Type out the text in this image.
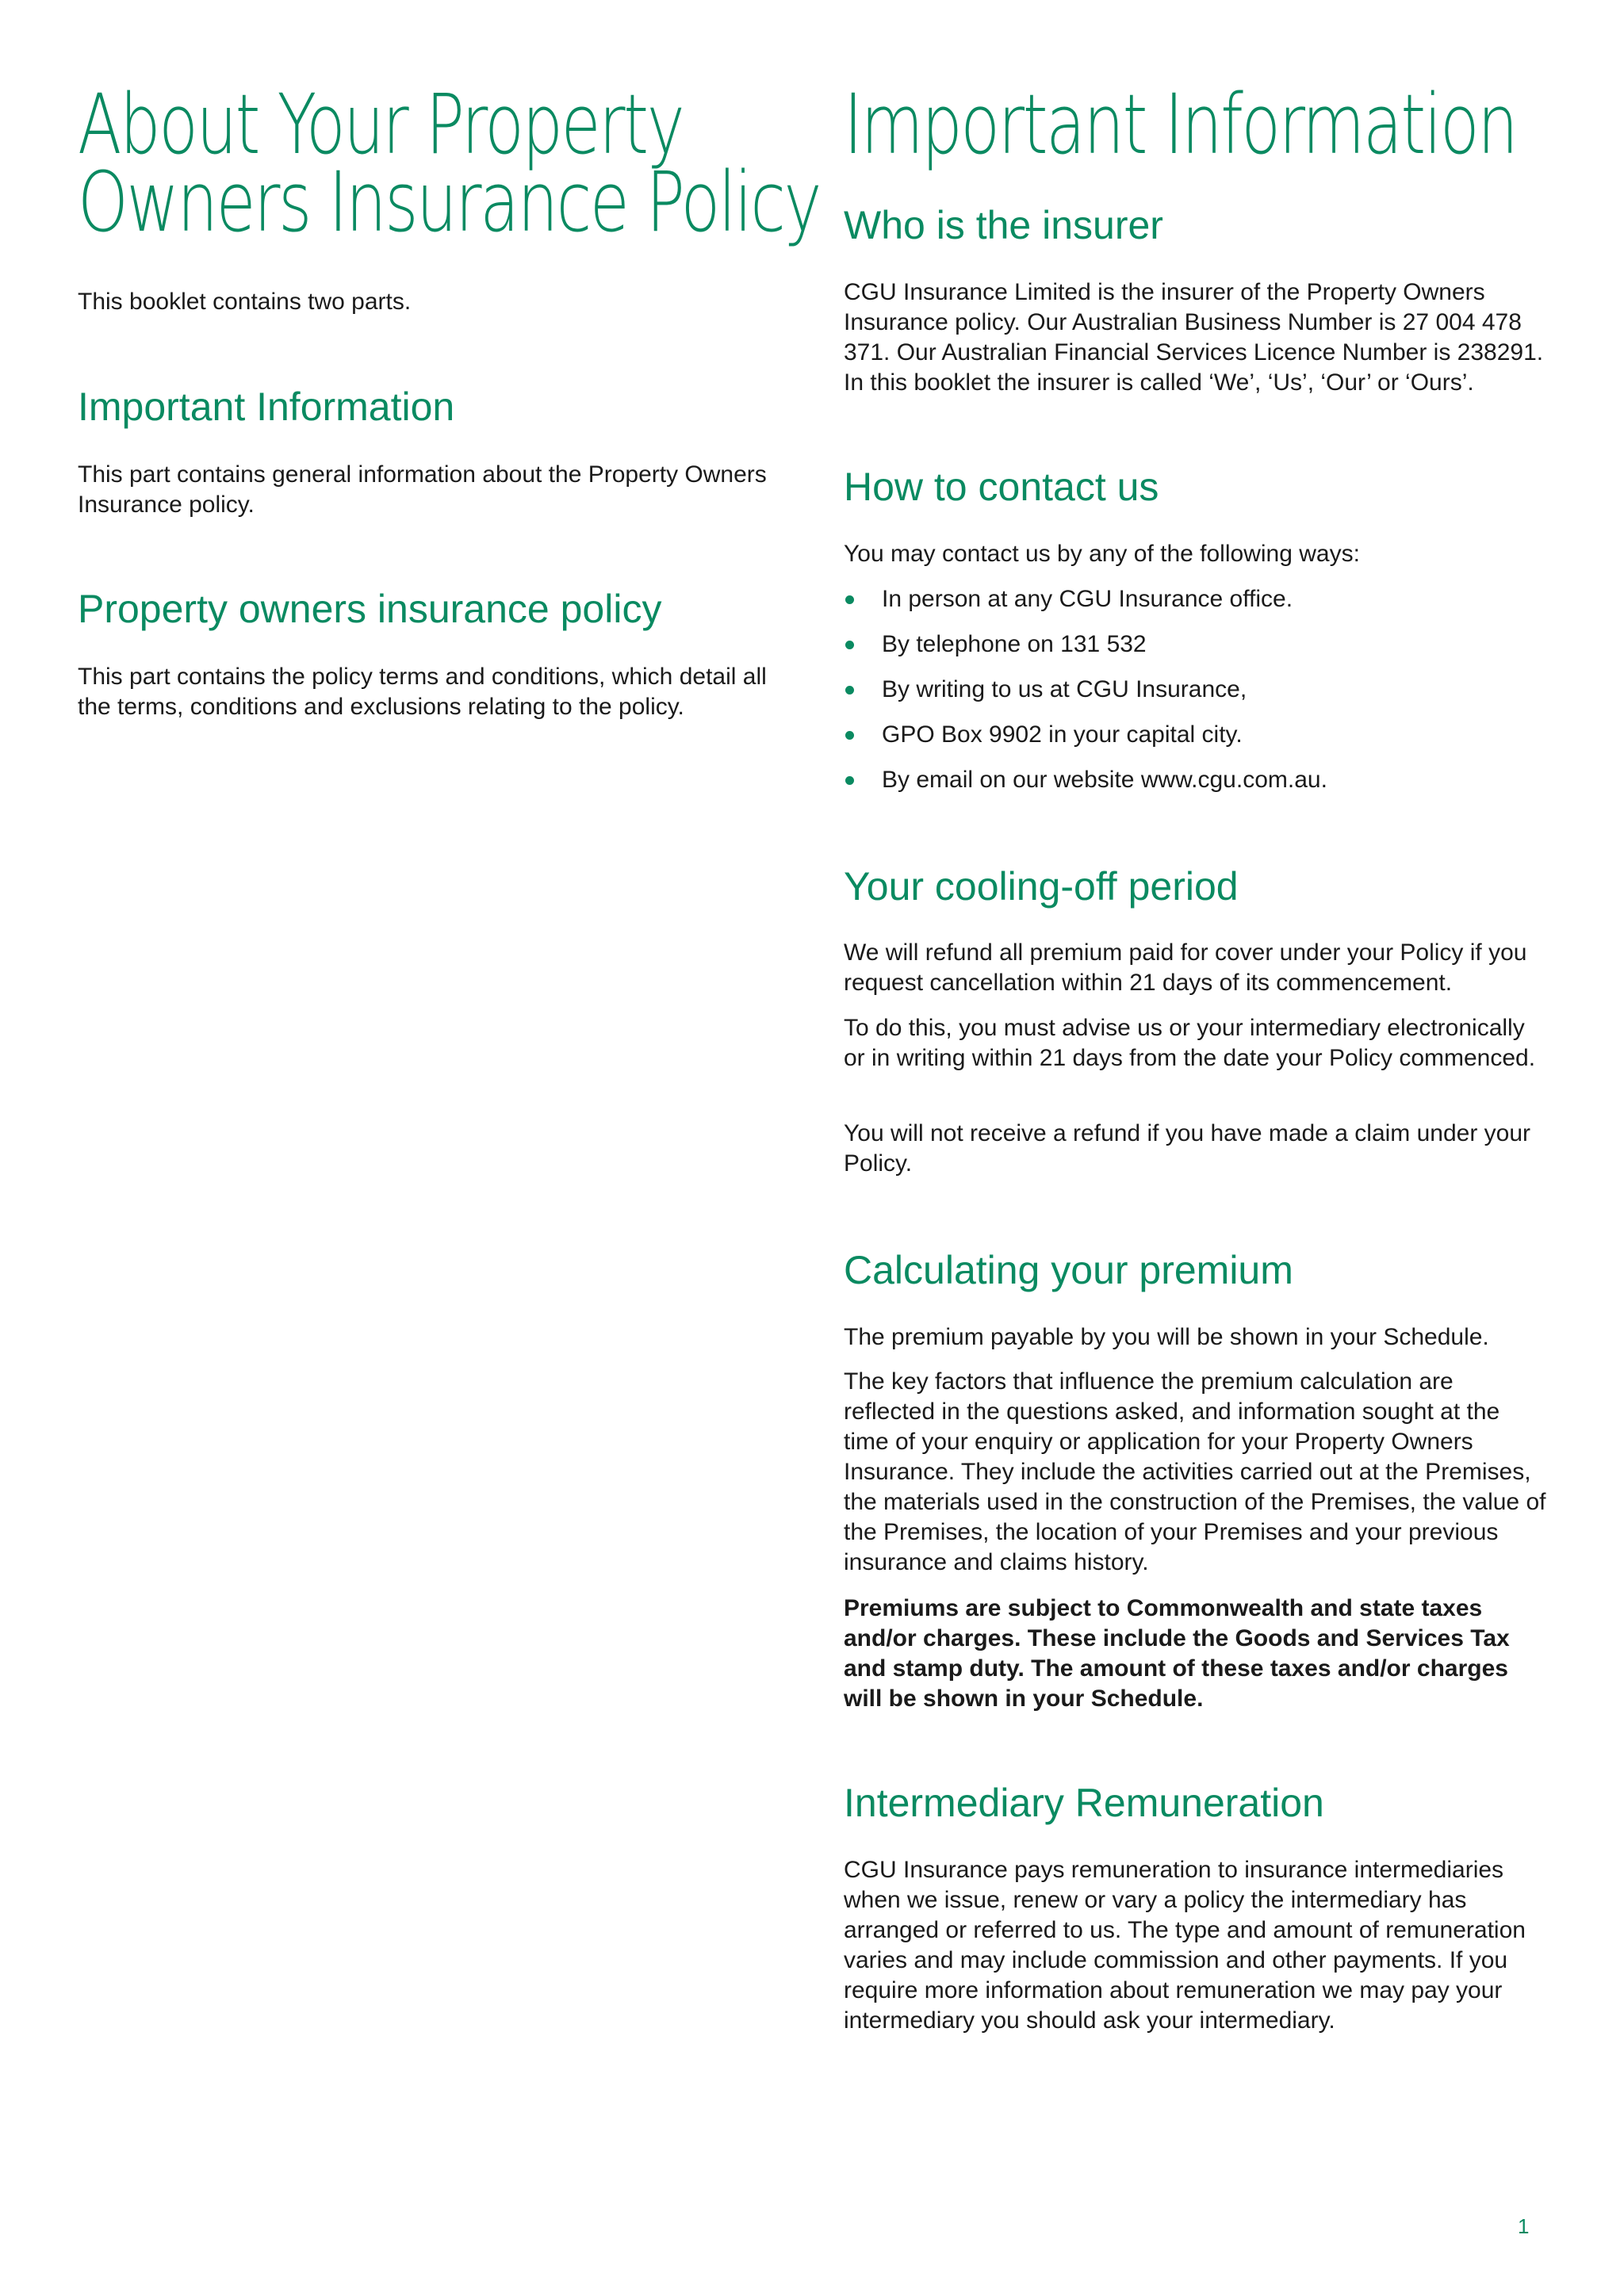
About Your Property
Owners Insurance Policy

This booklet contains two parts.

Important Information

This part contains general information about the Property Owners Insurance policy.

Property owners insurance policy

This part contains the policy terms and conditions, which detail all the terms, conditions and exclusions relating to the policy.

Important Information
Who is the insurer

CGU Insurance Limited is the insurer of the Property Owners Insurance policy. Our Australian Business Number is 27 004 478 371. Our Australian Financial Services Licence Number is 238291. In this booklet the insurer is called ‘We’, ‘Us’, ‘Our’ or ‘Ours’.

How to contact us

You may contact us by any of the following ways:

In person at any CGU Insurance office.
By telephone on 131 532
By writing to us at CGU Insurance,
GPO Box 9902 in your capital city.
By email on our website www.cgu.com.au.
Your cooling-off period

We will refund all premium paid for cover under your Policy if you request cancellation within 21 days of its commencement.

To do this, you must advise us or your intermediary electronically or in writing within 21 days from the date your Policy commenced.

You will not receive a refund if you have made a claim under your Policy.

Calculating your premium

The premium payable by you will be shown in your Schedule.

The key factors that influence the premium calculation are reflected in the questions asked, and information sought at the time of your enquiry or application for your Property Owners Insurance. They include the activities carried out at the Premises, the materials used in the construction of the Premises, the value of the Premises, the location of your Premises and your previous insurance and claims history.

Premiums are subject to Commonwealth and state taxes and/or charges. These include the Goods and Services Tax and stamp duty. The amount of these taxes and/or charges will be shown in your Schedule.

Intermediary Remuneration

CGU Insurance pays remuneration to insurance intermediaries when we issue, renew or vary a policy the intermediary has arranged or referred to us. The type and amount of remuneration varies and may include commission and other payments. If you require more information about remuneration we may pay your intermediary you should ask your intermediary.

1
